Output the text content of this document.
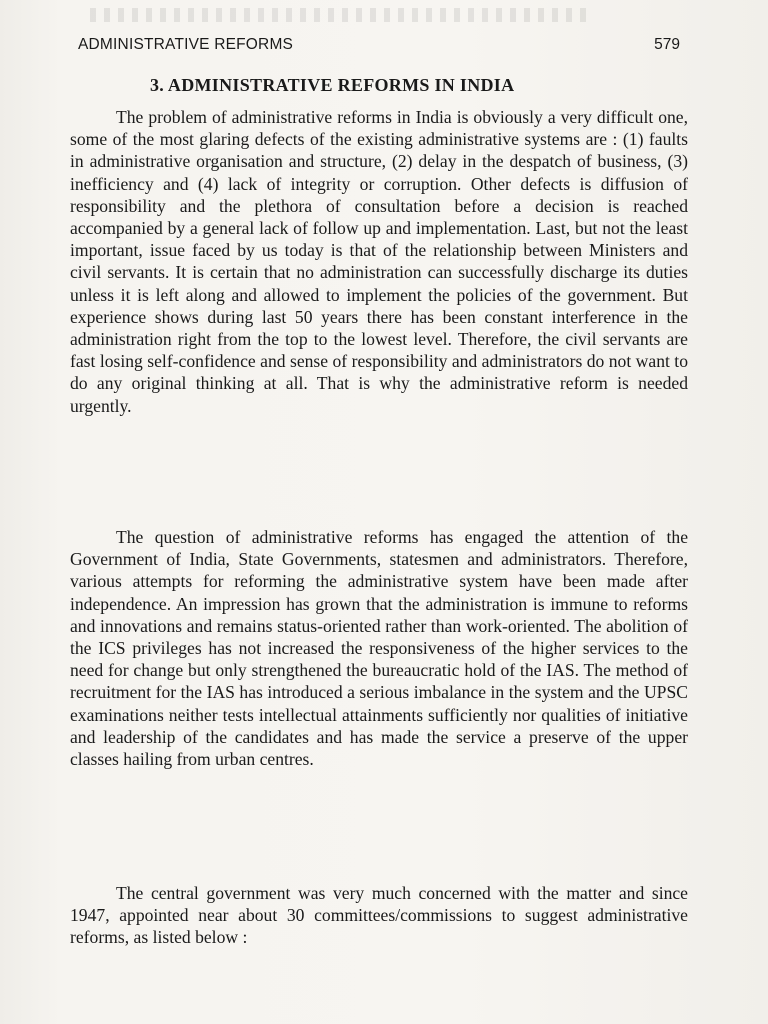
ADMINISTRATIVE REFORMS	579
3. ADMINISTRATIVE REFORMS IN INDIA

The problem of administrative reforms in India is obviously a very difficult one, some of the most glaring defects of the existing administrative systems are : (1) faults in administrative organisation and structure, (2) delay in the despatch of business, (3) inefficiency and (4) lack of integrity or corruption. Other defects is diffusion of responsibility and the plethora of consultation before a decision is reached accompanied by a general lack of follow up and implementation. Last, but not the least important, issue faced by us today is that of the relationship between Ministers and civil servants. It is certain that no administration can successfully discharge its duties unless it is left along and allowed to implement the policies of the government. But experience shows during last 50 years there has been constant interference in the administration right from the top to the lowest level. Therefore, the civil servants are fast losing self-confidence and sense of responsibility and administrators do not want to do any original thinking at all. That is why the administrative reform is needed urgently.

The question of administrative reforms has engaged the attention of the Government of India, State Governments, statesmen and administrators. Therefore, various attempts for reforming the administrative system have been made after independence. An impression has grown that the administration is immune to reforms and innovations and remains status-oriented rather than work-oriented. The abolition of the ICS privileges has not increased the responsiveness of the higher services to the need for change but only strengthened the bureaucratic hold of the IAS. The method of recruitment for the IAS has introduced a serious imbalance in the system and the UPSC examinations neither tests intellectual attainments sufficiently nor qualities of initiative and leadership of the candidates and has made the service a preserve of the upper classes hailing from urban centres.

The central government was very much concerned with the matter and since 1947, appointed near about 30 committees/commissions to suggest administrative reforms, as listed below :
